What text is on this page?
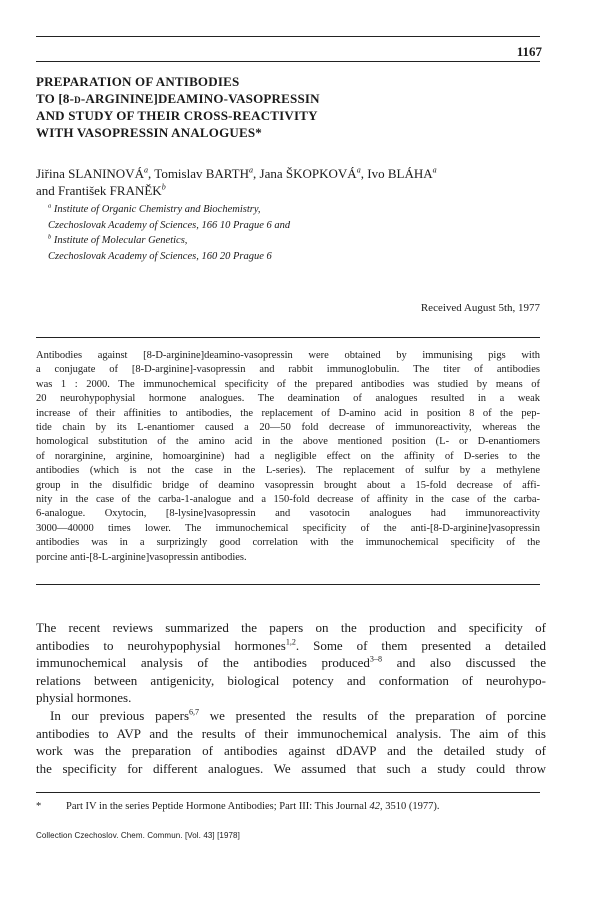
1167
PREPARATION OF ANTIBODIES
TO [8-d-ARGININE]DEAMINO-VASOPRESSIN
AND STUDY OF THEIR CROSS-REACTIVITY
WITH VASOPRESSIN ANALOGUES*
Jiřina SLANINOVÁ$^a$, Tomislav BARTH$^a$, Jana ŠKOPKOVÁ$^a$, Ivo BLÁHA$^a$
and František FRANĚK$^b$
$^a$ Institute of Organic Chemistry and Biochemistry,
Czechoslovak Academy of Sciences, 166 10 Prague 6 and
$^b$ Institute of Molecular Genetics,
Czechoslovak Academy of Sciences, 160 20 Prague 6
Received August 5th, 1977
Antibodies against [8-D-arginine]deamino-vasopressin were obtained by immunising pigs with
a conjugate of [8-D-arginine]-vasopressin and rabbit immunoglobulin. The titer of antibodies
was 1 : 2000. The immunochemical specificity of the prepared antibodies was studied by means of
20 neurohypophysial hormone analogues. The deamination of analogues resulted in a weak
increase of their affinities to antibodies, the replacement of D-amino acid in position 8 of the pep-
tide chain by its L-enantiomer caused a 20—50 fold decrease of immunoreactivity, whereas the
homological substitution of the amino acid in the above mentioned position (L- or D-enantiomers
of norarginine, arginine, homoarginine) had a negligible effect on the affinity of D-series to the
antibodies (which is not the case in the L-series). The replacement of sulfur by a methylene
group in the disulfidic bridge of deamino vasopressin brought about a 15-fold decrease of affi-
nity in the case of the carba-1-analogue and a 150-fold decrease of affinity in the case of the carba-
6-analogue. Oxytocin, [8-lysine]vasopressin and vasotocin analogues had immunoreactivity
3000—40000 times lower. The immunochemical specificity of the anti-[8-D-arginine]vasopressin
antibodies was in a surprizingly good correlation with the immunochemical specificity of the
porcine anti-[8-L-arginine]vasopressin antibodies.
The recent reviews summarized the papers on the production and specificity of
antibodies to neurohypophysial hormones$^{1,2}$. Some of them presented a detailed
immunochemical analysis of the antibodies produced$^{3-8}$ and also discussed the
relations between antigenicity, biological potency and conformation of neurohypo-
physial hormones.
In our previous papers$^{6,7}$ we presented the results of the preparation of porcine
antibodies to AVP and the results of their immunochemical analysis. The aim of this
work was the preparation of antibodies against dDAVP and the detailed study of
the specificity for different analogues. We assumed that such a study could throw
* Part IV in the series Peptide Hormone Antibodies; Part III: This Journal 42, 3510 (1977).
Collection Czechoslov. Chem. Commun. [Vol. 43] [1978]
